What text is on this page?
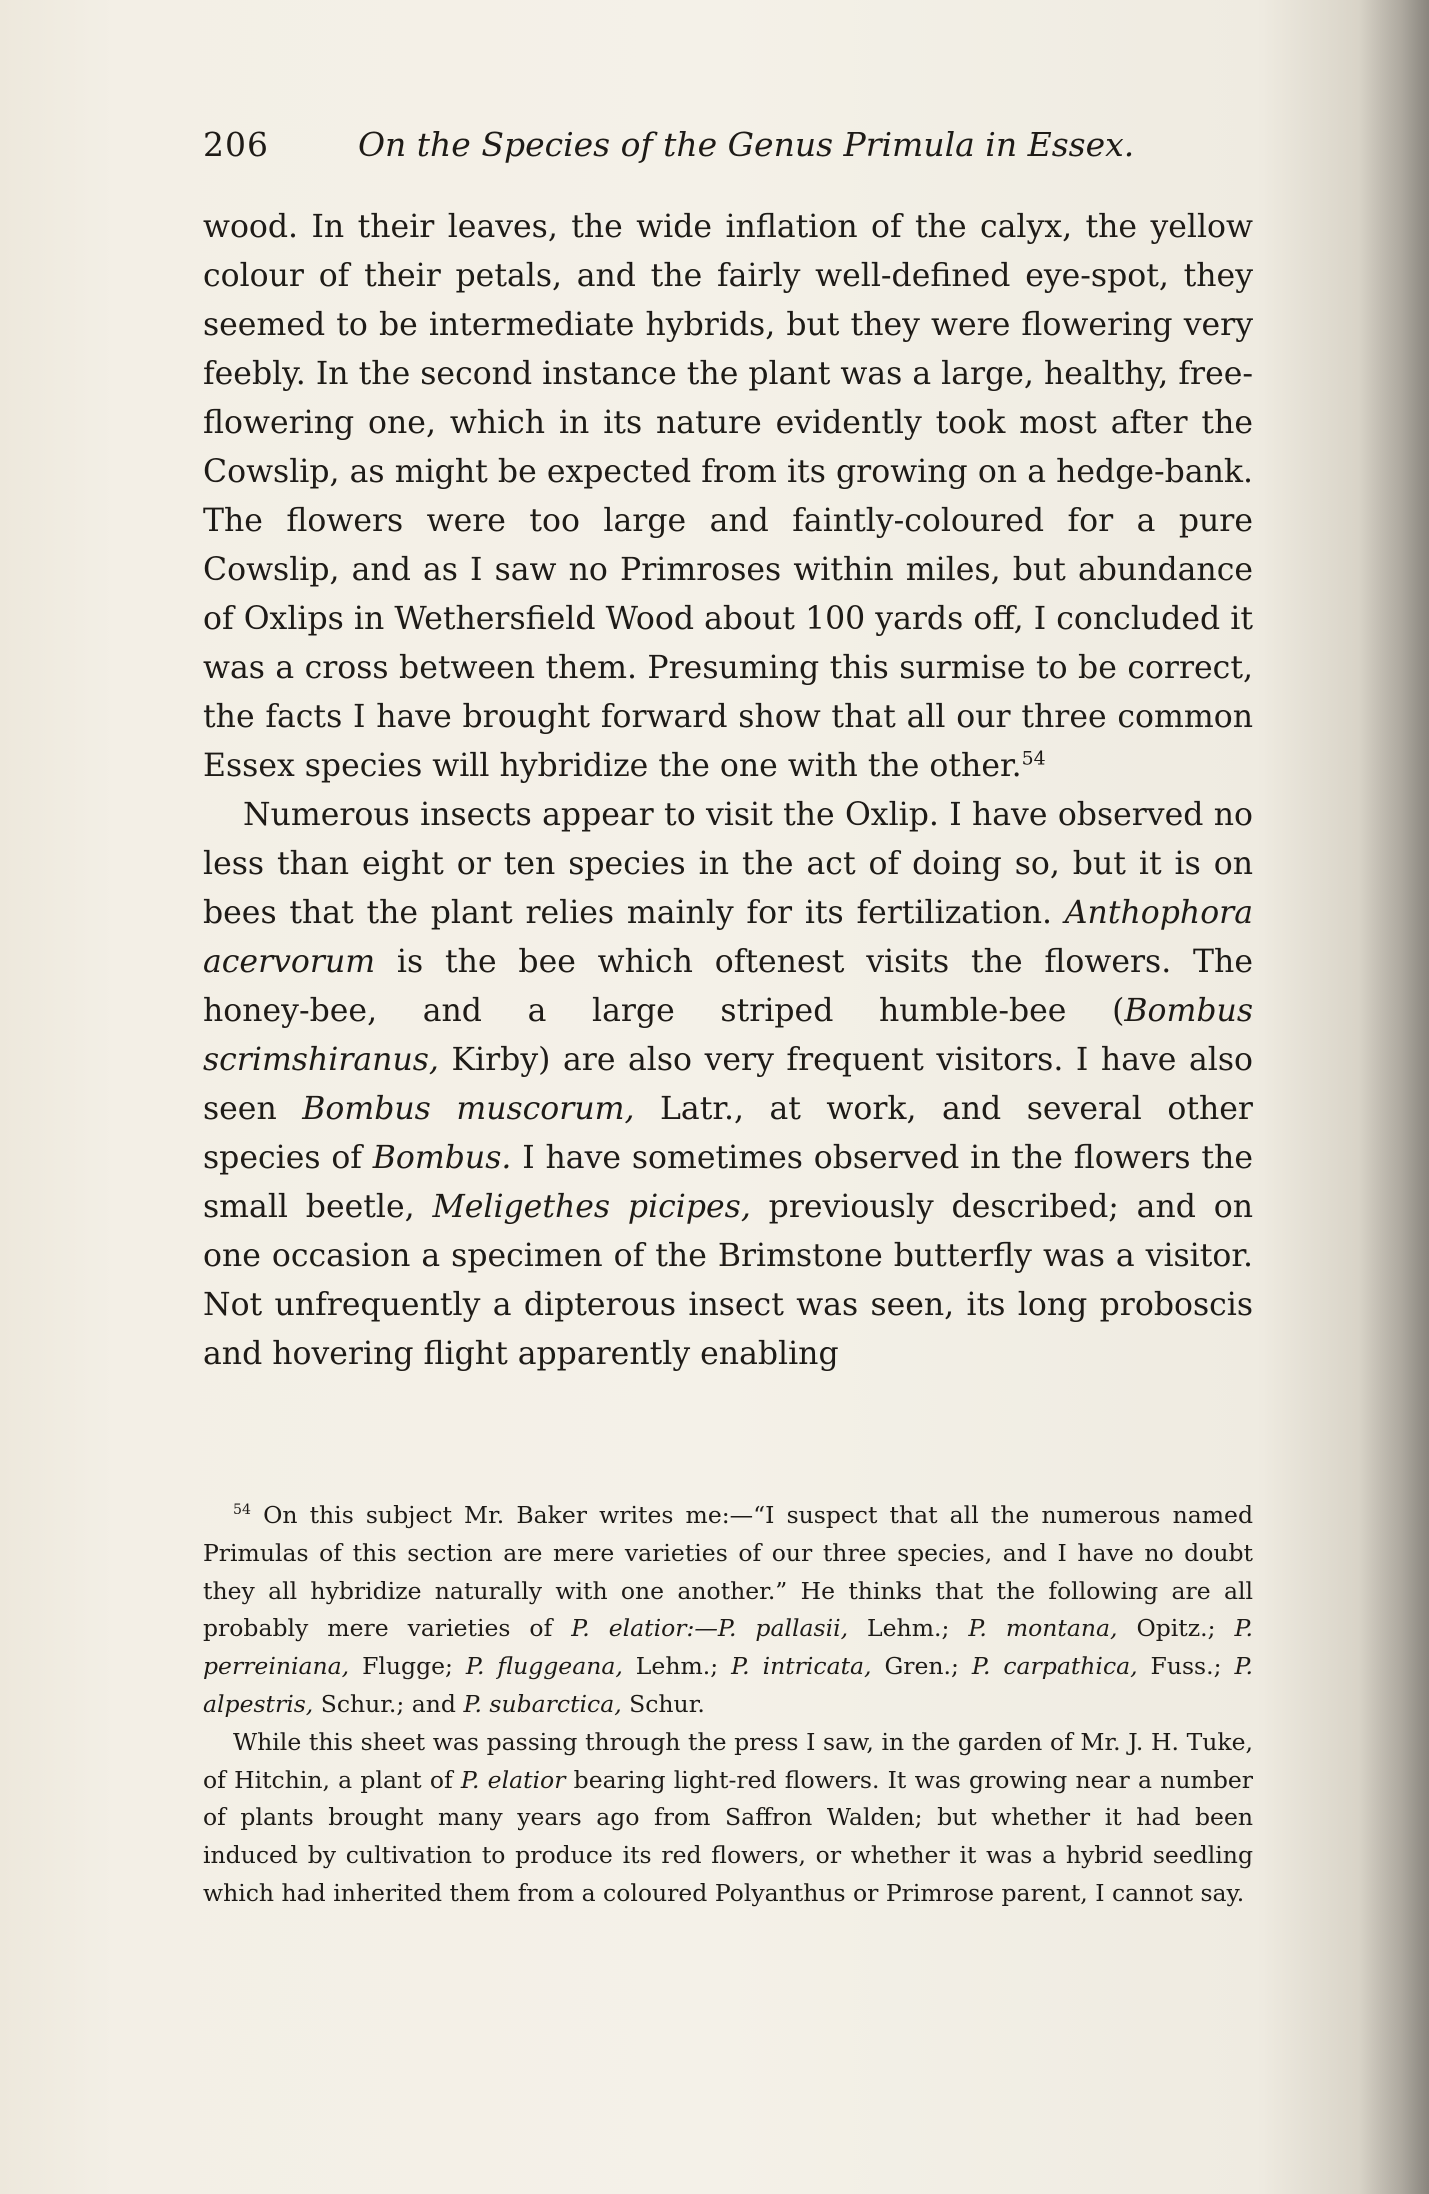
206	On the Species of the Genus Primula in Essex.

wood. In their leaves, the wide inflation of the calyx, the yellow colour of their petals, and the fairly well-defined eye-spot, they seemed to be intermediate hybrids, but they were flowering very feebly. In the second instance the plant was a large, healthy, free-flowering one, which in its nature evidently took most after the Cowslip, as might be expected from its growing on a hedge-bank. The flowers were too large and faintly-coloured for a pure Cowslip, and as I saw no Primroses within miles, but abundance of Oxlips in Wethersfield Wood about 100 yards off, I concluded it was a cross between them. Presuming this surmise to be correct, the facts I have brought forward show that all our three common Essex species will hybridize the one with the other.$^{54}$

Numerous insects appear to visit the Oxlip. I have observed no less than eight or ten species in the act of doing so, but it is on bees that the plant relies mainly for its fertilization. Anthophora acervorum is the bee which oftenest visits the flowers. The honey-bee, and a large striped humble-bee (Bombus scrimshiranus, Kirby) are also very frequent visitors. I have also seen Bombus muscorum, Latr., at work, and several other species of Bombus. I have sometimes observed in the flowers the small beetle, Meligethes picipes, previously described; and on one occasion a specimen of the Brimstone butterfly was a visitor. Not unfrequently a dipterous insect was seen, its long proboscis and hovering flight apparently enabling

$^{54}$ On this subject Mr. Baker writes me:—“I suspect that all the numerous named Primulas of this section are mere varieties of our three species, and I have no doubt they all hybridize naturally with one another.” He thinks that the following are all probably mere varieties of P. elatior:—P. pallasii, Lehm.; P. montana, Opitz.; P. perreiniana, Flugge; P. fluggeana, Lehm.; P. intricata, Gren.; P. carpathica, Fuss.; P. alpestris, Schur.; and P. subarctica, Schur.

While this sheet was passing through the press I saw, in the garden of Mr. J. H. Tuke, of Hitchin, a plant of P. elatior bearing light-red flowers. It was growing near a number of plants brought many years ago from Saffron Walden; but whether it had been induced by cultivation to produce its red flowers, or whether it was a hybrid seedling which had inherited them from a coloured Polyanthus or Primrose parent, I cannot say.
